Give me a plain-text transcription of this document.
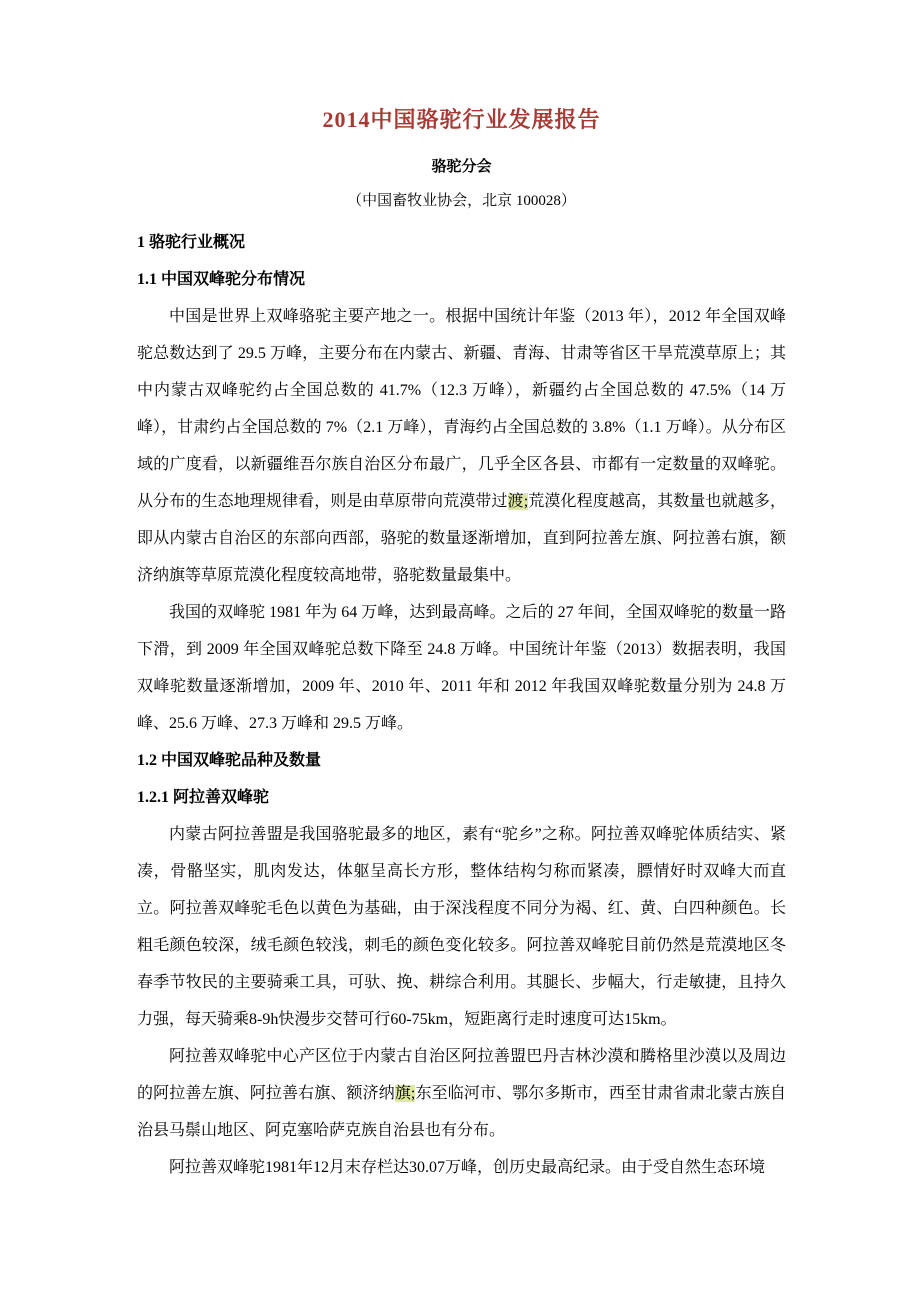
2014中国骆驼行业发展报告
骆驼分会
（中国畜牧业协会，北京 100028）
1 骆驼行业概况
1.1 中国双峰驼分布情况

中国是世界上双峰骆驼主要产地之一。根据中国统计年鉴（2013 年），2012 年全国双峰驼总数达到了 29.5 万峰，主要分布在内蒙古、新疆、青海、甘肃等省区干旱荒漠草原上；其中内蒙古双峰驼约占全国总数的 41.7%（12.3 万峰），新疆约占全国总数的 47.5%（14 万峰），甘肃约占全国总数的 7%（2.1 万峰），青海约占全国总数的 3.8%（1.1 万峰）。从分布区域的广度看，以新疆维吾尔族自治区分布最广，几乎全区各县、市都有一定数量的双峰驼。从分布的生态地理规律看，则是由草原带向荒漠带过渡;荒漠化程度越高，其数量也就越多，即从内蒙古自治区的东部向西部，骆驼的数量逐渐增加，直到阿拉善左旗、阿拉善右旗，额济纳旗等草原荒漠化程度较高地带，骆驼数量最集中。

我国的双峰驼 1981 年为 64 万峰，达到最高峰。之后的 27 年间，全国双峰驼的数量一路下滑，到 2009 年全国双峰驼总数下降至 24.8 万峰。中国统计年鉴（2013）数据表明，我国双峰驼数量逐渐增加，2009 年、2010 年、2011 年和 2012 年我国双峰驼数量分别为 24.8 万峰、25.6 万峰、27.3 万峰和 29.5 万峰。

1.2 中国双峰驼品种及数量
1.2.1 阿拉善双峰驼

内蒙古阿拉善盟是我国骆驼最多的地区，素有“驼乡”之称。阿拉善双峰驼体质结实、紧凑，骨骼坚实，肌肉发达，体躯呈高长方形，整体结构匀称而紧凑，膘情好时双峰大而直立。阿拉善双峰驼毛色以黄色为基础，由于深浅程度不同分为褐、红、黄、白四种颜色。长粗毛颜色较深，绒毛颜色较浅，刺毛的颜色变化较多。阿拉善双峰驼目前仍然是荒漠地区冬春季节牧民的主要骑乘工具，可驮、挽、耕综合利用。其腿长、步幅大，行走敏捷，且持久力强，每天骑乘8-9h快漫步交替可行60-75km，短距离行走时速度可达15km。

阿拉善双峰驼中心产区位于内蒙古自治区阿拉善盟巴丹吉林沙漠和腾格里沙漠以及周边的阿拉善左旗、阿拉善右旗、额济纳旗;东至临河市、鄂尔多斯市，西至甘肃省肃北蒙古族自治县马鬃山地区、阿克塞哈萨克族自治县也有分布。

阿拉善双峰驼1981年12月末存栏达30.07万峰，创历史最高纪录。由于受自然生态环境
